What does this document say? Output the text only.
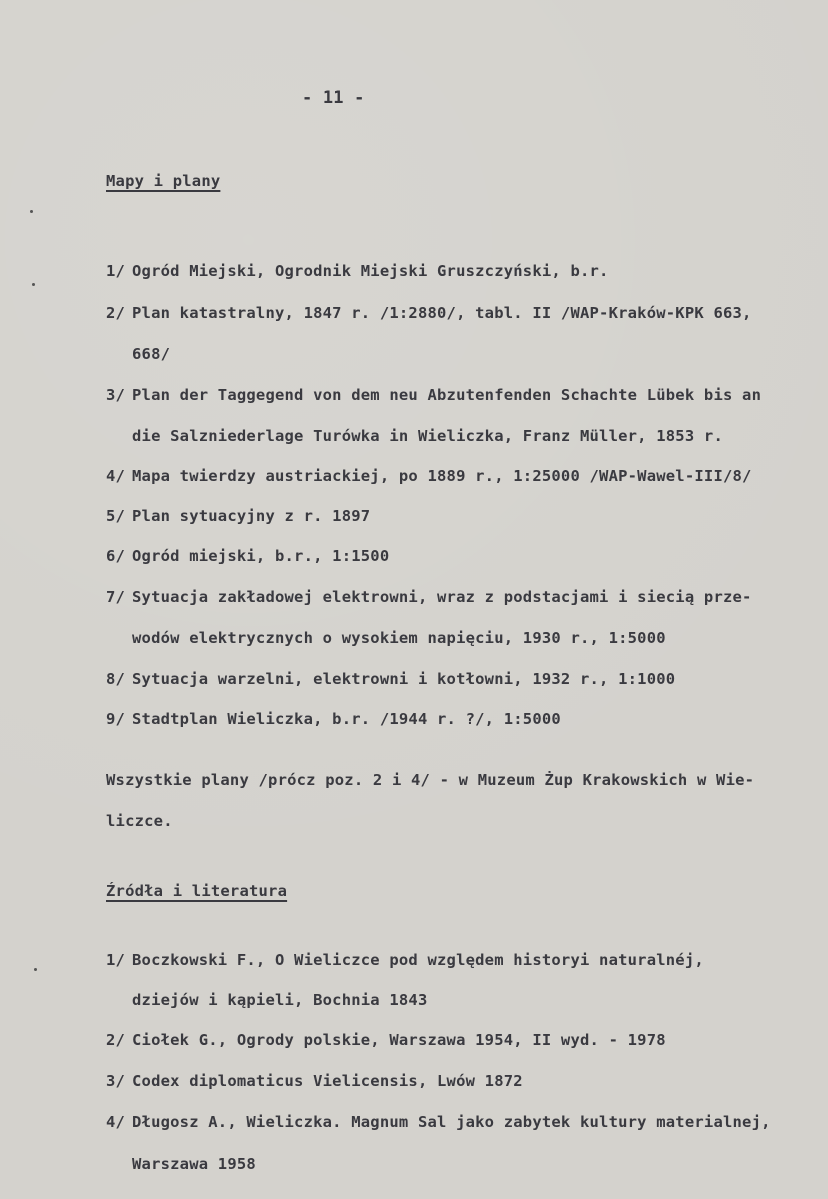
- 11 -
Mapy i plany
1/ Ogród Miejski, Ogrodnik Miejski Gruszczyński, b.r.
2/ Plan katastralny, 1847 r. /1:2880/, tabl. II /WAP-Kraków-KPK 663,
668/
3/ Plan der Taggegend von dem neu Abzutenfenden Schachte Lübek bis an
die Salzniederlage Turówka in Wieliczka, Franz Müller, 1853 r.
4/ Mapa twierdzy austriackiej, po 1889 r., 1:25000 /WAP-Wawel-III/8/
5/ Plan sytuacyjny z r. 1897
6/ Ogród miejski, b.r., 1:1500
7/ Sytuacja zakładowej elektrowni, wraz z podstacjami i siecią prze-
wodów elektrycznych o wysokiem napięciu, 1930 r., 1:5000
8/ Sytuacja warzelni, elektrowni i kotłowni, 1932 r., 1:1000
9/ Stadtplan Wieliczka, b.r. /1944 r. ?/, 1:5000
Wszystkie plany /prócz poz. 2 i 4/ - w Muzeum Żup Krakowskich w Wie-
liczce.
Źródła i literatura
1/ Boczkowski F., O Wieliczce pod względem historyi naturalnéj,
dziejów i kąpieli, Bochnia 1843
2/ Ciołek G., Ogrody polskie, Warszawa 1954, II wyd. - 1978
3/ Codex diplomaticus Vielicensis, Lwów 1872
4/ Długosz A., Wieliczka. Magnum Sal jako zabytek kultury materialnej,
Warszawa 1958
